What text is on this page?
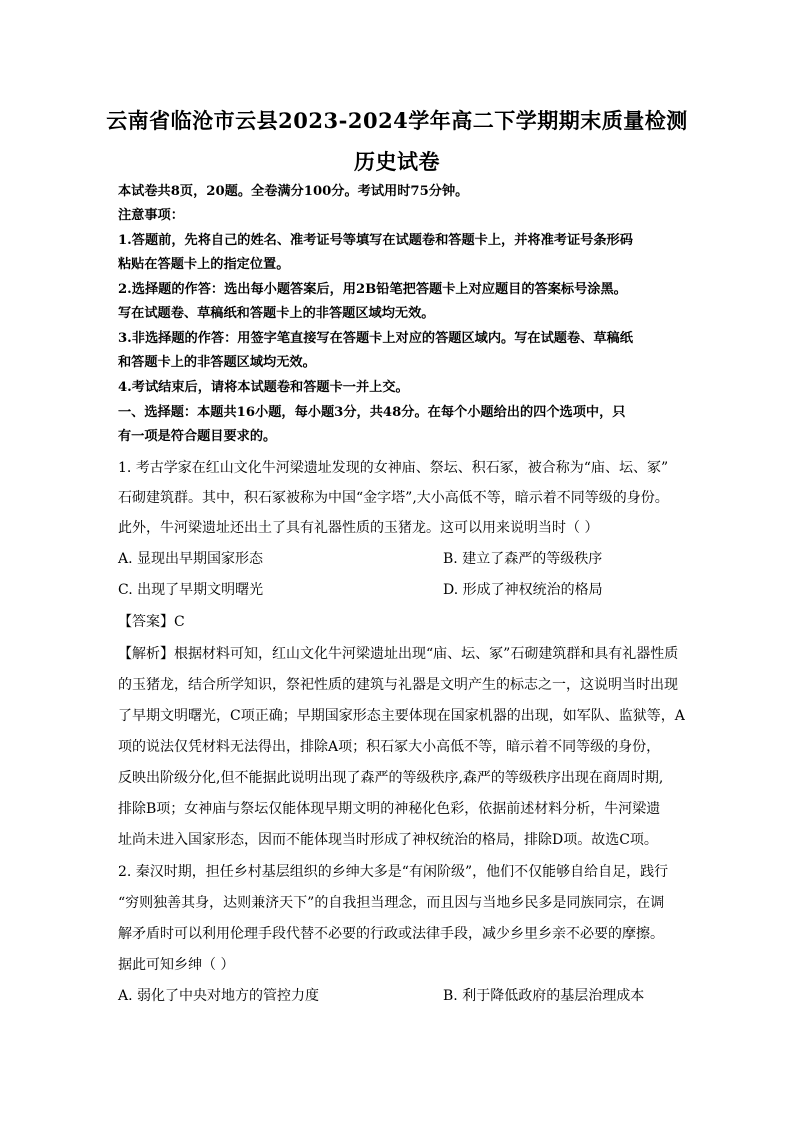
云南省临沧市云县2023-2024学年高二下学期期末质量检测
历史试卷
本试卷共8页，20题。全卷满分100分。考试用时75分钟。
注意事项：
1.答题前，先将自己的姓名、准考证号等填写在试题卷和答题卡上，并将准考证号条形码
粘贴在答题卡上的指定位置。
2.选择题的作答：选出每小题答案后，用2B铅笔把答题卡上对应题目的答案标号涂黑。
写在试题卷、草稿纸和答题卡上的非答题区域均无效。
3.非选择题的作答：用签字笔直接写在答题卡上对应的答题区域内。写在试题卷、草稿纸
和答题卡上的非答题区域均无效。
4.考试结束后，请将本试题卷和答题卡一并上交。
一、选择题：本题共16小题，每小题3分，共48分。在每个小题给出的四个选项中，只
有一项是符合题目要求的。
1. 考古学家在红山文化牛河梁遗址发现的女神庙、祭坛、积石冢，被合称为“庙、坛、冢”
石砌建筑群。其中，积石冢被称为中国“金字塔”,大小高低不等，暗示着不同等级的身份。
此外，牛河梁遗址还出土了具有礼器性质的玉猪龙。这可以用来说明当时（ ）
A. 显现出早期国家形态	B. 建立了森严的等级秩序
C. 出现了早期文明曙光	D. 形成了神权统治的格局
【答案】C
【解析】根据材料可知，红山文化牛河梁遗址出现“庙、坛、冢”石砌建筑群和具有礼器性质
的玉猪龙，结合所学知识，祭祀性质的建筑与礼器是文明产生的标志之一，这说明当时出现
了早期文明曙光，C项正确；早期国家形态主要体现在国家机器的出现，如军队、监狱等，A
项的说法仅凭材料无法得出，排除A项；积石冢大小高低不等，暗示着不同等级的身份，
反映出阶级分化,但不能据此说明出现了森严的等级秩序,森严的等级秩序出现在商周时期,
排除B项；女神庙与祭坛仅能体现早期文明的神秘化色彩，依据前述材料分析，牛河梁遗
址尚未进入国家形态，因而不能体现当时形成了神权统治的格局，排除D项。故选C项。
2. 秦汉时期，担任乡村基层组织的乡绅大多是“有闲阶级”，他们不仅能够自给自足，践行
“穷则独善其身，达则兼济天下”的自我担当理念，而且因与当地乡民多是同族同宗，在调
解矛盾时可以利用伦理手段代替不必要的行政或法律手段，减少乡里乡亲不必要的摩擦。
据此可知乡绅（ ）
A. 弱化了中央对地方的管控力度	B. 利于降低政府的基层治理成本
